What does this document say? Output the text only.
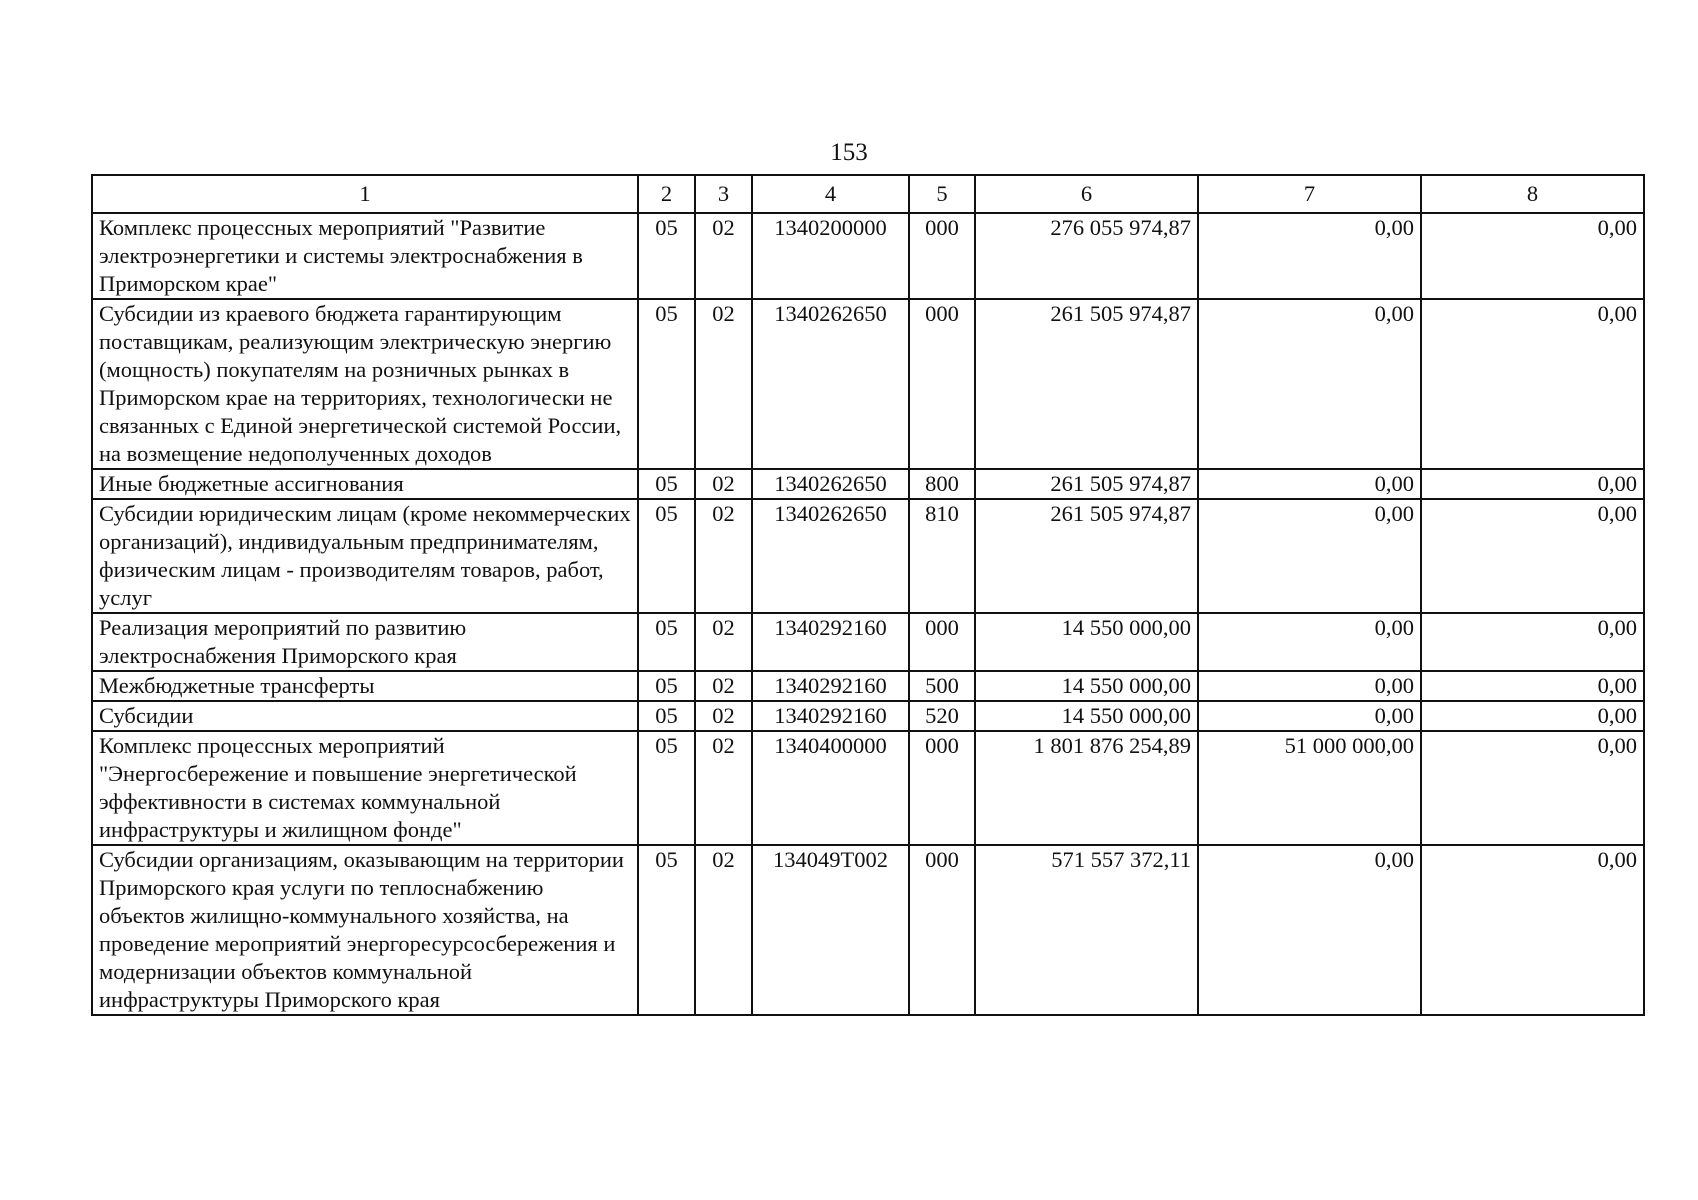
153
1	2	3	4	5	6	7	8
Комплекс процессных мероприятий "Развитие электроэнергетики и системы электроснабжения в Приморском крае"	05	02	1340200000	000	276 055 974,87	0,00	0,00
Субсидии из краевого бюджета гарантирующим поставщикам, реализующим электрическую энергию (мощность) покупателям на розничных рынках в Приморском крае на территориях, технологически не связанных с Единой энергетической системой России, на возмещение недополученных доходов	05	02	1340262650	000	261 505 974,87	0,00	0,00
Иные бюджетные ассигнования	05	02	1340262650	800	261 505 974,87	0,00	0,00
Субсидии юридическим лицам (кроме некоммерческих организаций), индивидуальным предпринимателям, физическим лицам - производителям товаров, работ, услуг	05	02	1340262650	810	261 505 974,87	0,00	0,00
Реализация мероприятий по развитию электроснабжения Приморского края	05	02	1340292160	000	14 550 000,00	0,00	0,00
Межбюджетные трансферты	05	02	1340292160	500	14 550 000,00	0,00	0,00
Субсидии	05	02	1340292160	520	14 550 000,00	0,00	0,00
Комплекс процессных мероприятий "Энергосбережение и повышение энергетической эффективности в системах коммунальной инфраструктуры и жилищном фонде"	05	02	1340400000	000	1 801 876 254,89	51 000 000,00	0,00
Субсидии организациям, оказывающим на территории Приморского края услуги по теплоснабжению объектов жилищно-коммунального хозяйства, на проведение мероприятий энергоресурсосбережения и модернизации объектов коммунальной инфраструктуры Приморского края	05	02	134049Т002	000	571 557 372,11	0,00	0,00
